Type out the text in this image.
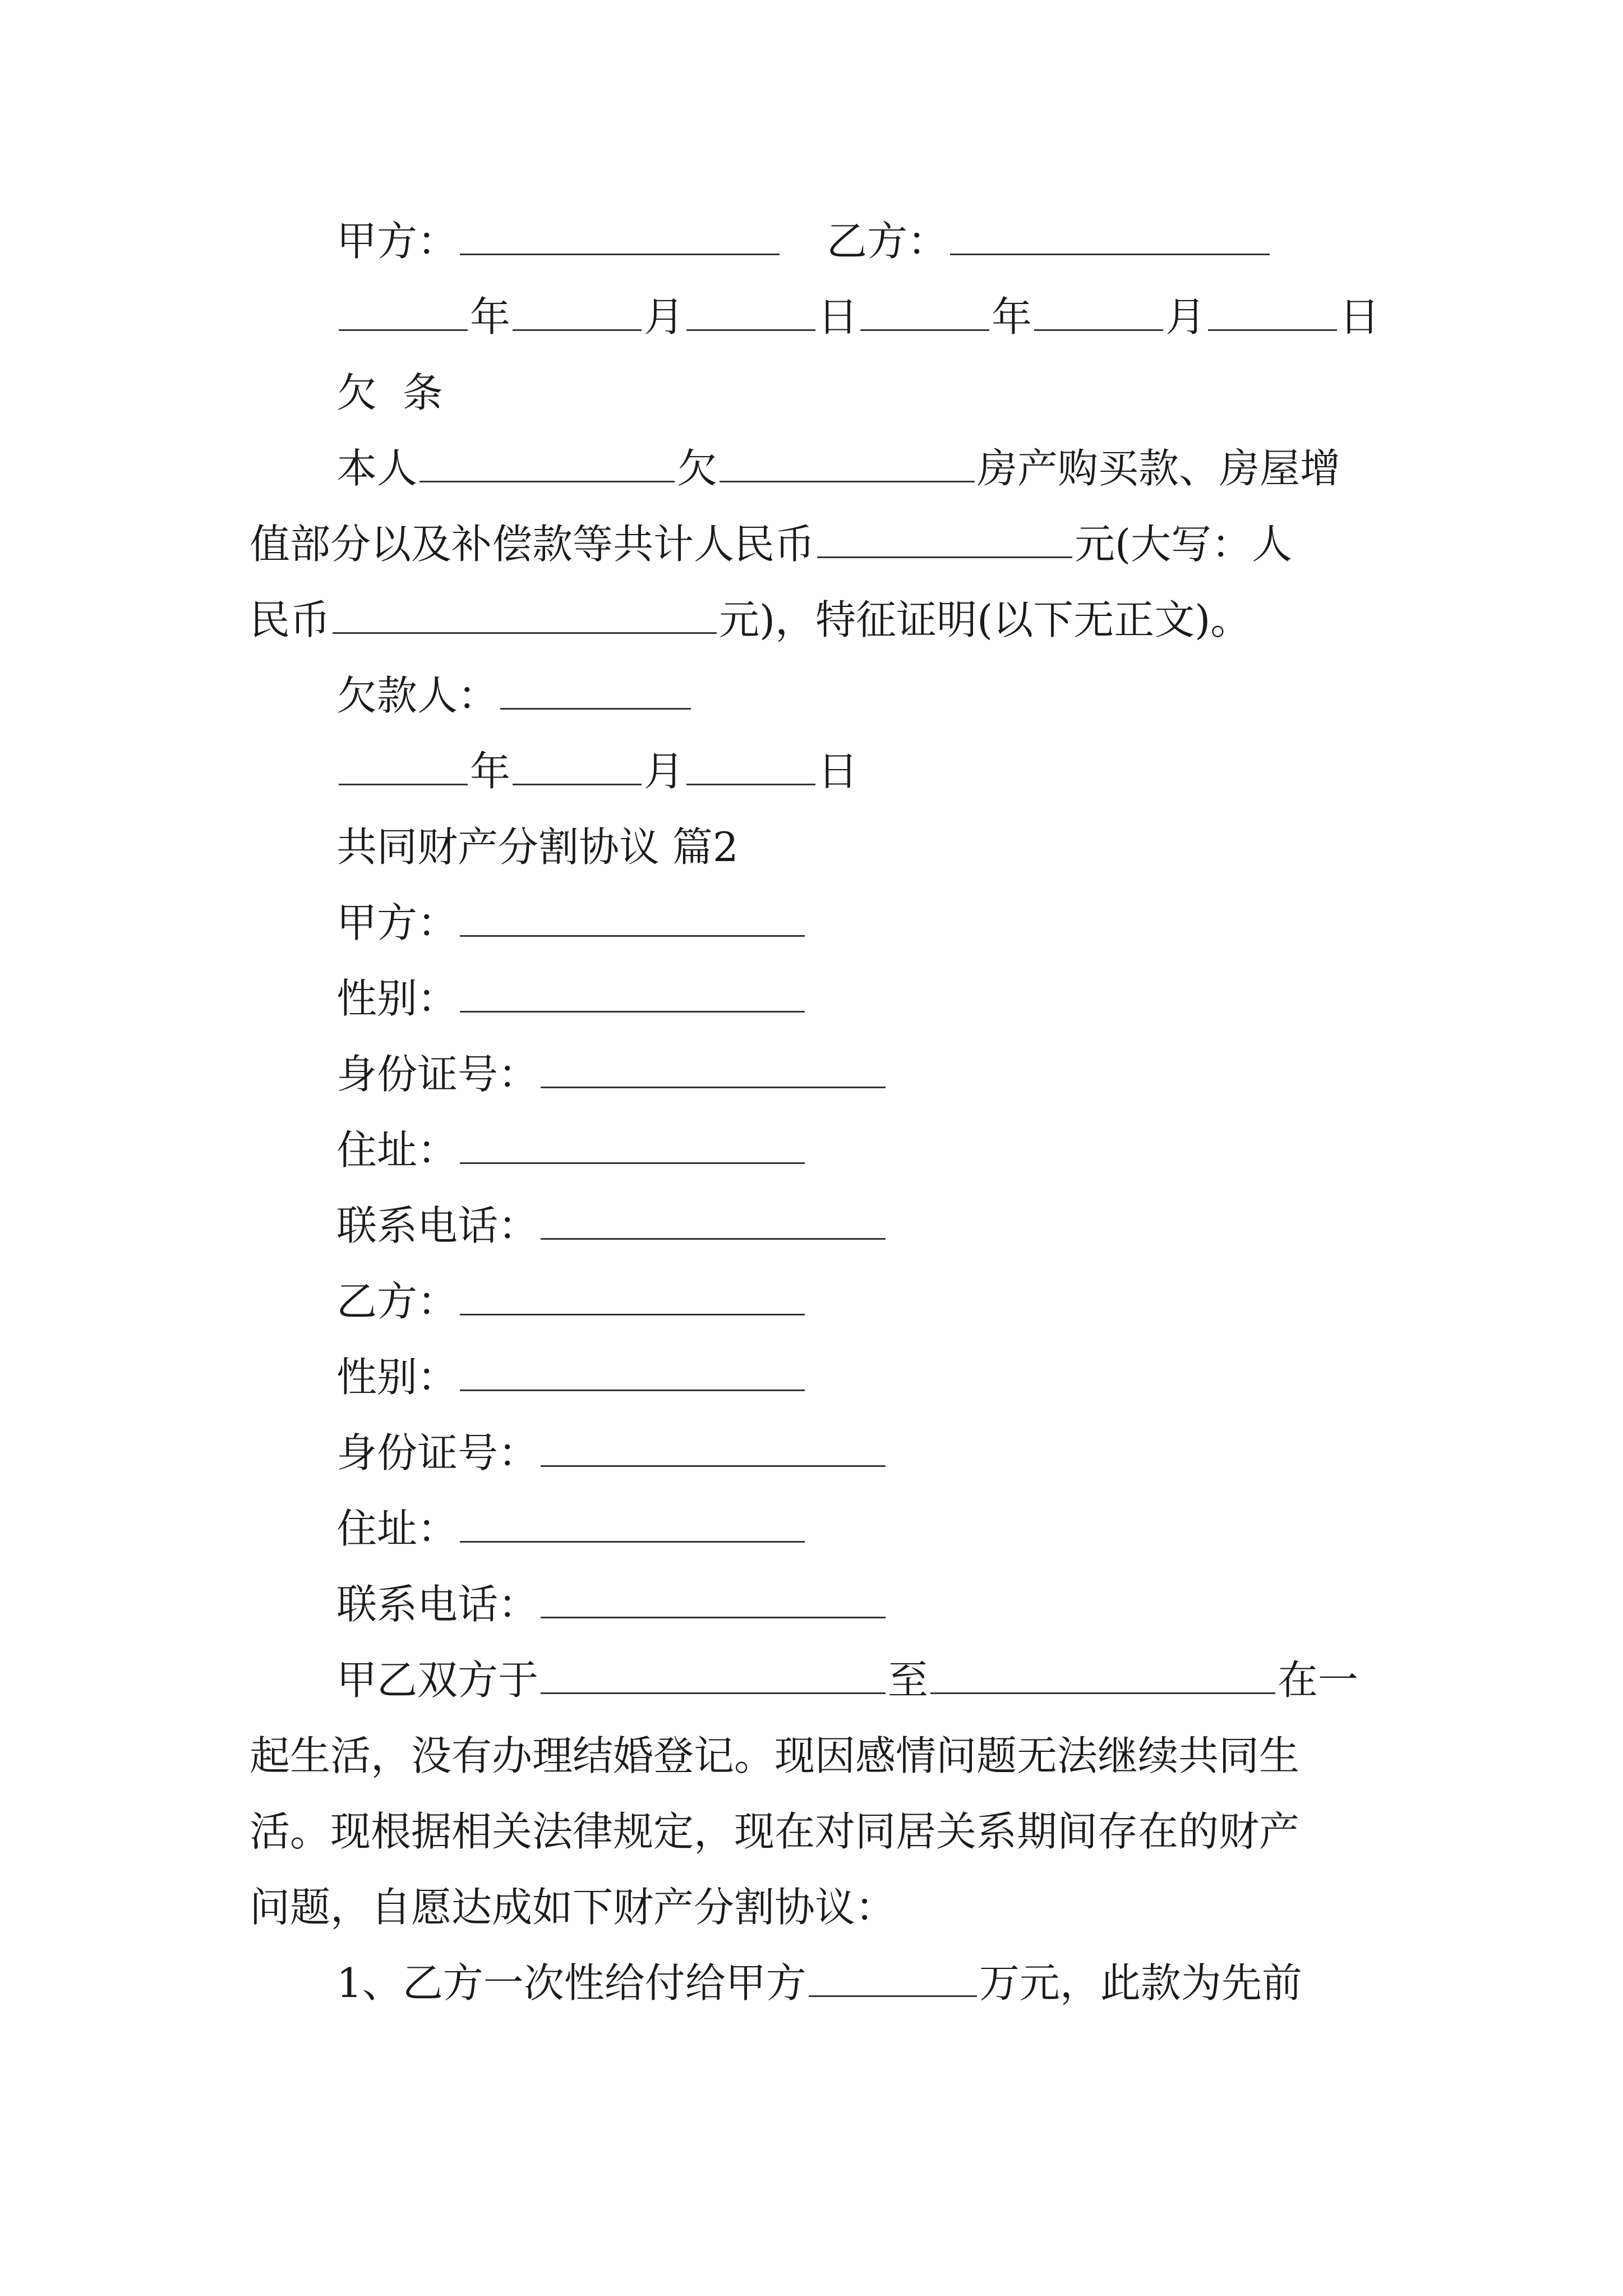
甲方：	乙方：
年	月	日	年	月	日
欠  条
本人	欠	房产购买款、房屋增
值部分以及补偿款等共计人民币	元(大写：人
民币	元)，特征证明(以下无正文)。
欠款人：
年	月	日
共同财产分割协议 篇2
甲方：
性别：
身份证号：
住址：
联系电话：
乙方：
性别：
身份证号：
住址：
联系电话：
甲乙双方于	至	在一
起生活，没有办理结婚登记。现因感情问题无法继续共同生
活。现根据相关法律规定，现在对同居关系期间存在的财产
问题，自愿达成如下财产分割协议：
1、乙方一次性给付给甲方	万元，此款为先前
